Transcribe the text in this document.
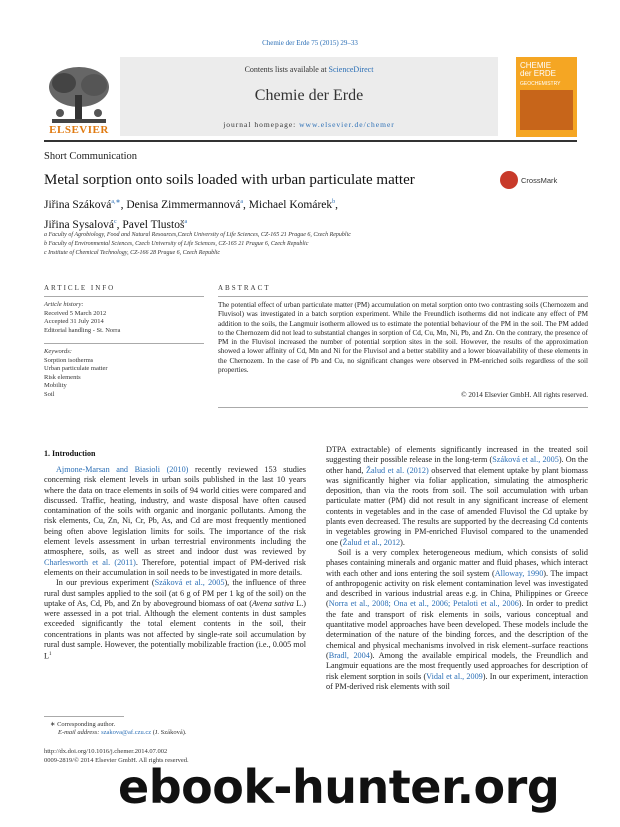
Chemie der Erde 75 (2015) 29–33
ELSEVIER
Contents lists available at ScienceDirect
Chemie der Erde
journal homepage: www.elsevier.de/chemer
CHEMIE
der ERDE
GEOCHEMISTRY
Short Communication
Metal sorption onto soils loaded with urban particulate matter	CrossMark
Jiřina Száková$^{a,∗}$, Denisa Zimmermannová$^a$, Michael Komárek$^b$,
Jiřina Sysalová$^c$, Pavel Tlustoš$^a$
a Faculty of Agrobiology, Food and Natural Resources,Czech University of Life Sciences, CZ-165 21 Prague 6, Czech Republic
b Faculty of Environmental Sciences, Czech University of Life Sciences, CZ-165 21 Prague 6, Czech Republic
c Institute of Chemical Technology, CZ-166 28 Prague 6, Czech Republic
ARTICLE INFO
Article history:
Received 5 March 2012
Accepted 31 July 2014
Editorial handling - St. Norra
Keywords:
Sorption isotherms
Urban particulate matter
Risk elements
Mobility
Soil
ABSTRACT
The potential effect of urban particulate matter (PM) accumulation on metal sorption onto two contrasting soils (Chernozem and Fluvisol) was investigated in a batch sorption experiment. While the Freundlich isotherms did not indicate any effect of PM addition to the soils, the Langmuir isotherm allowed us to estimate the potential behaviour of the PM in the soil. The PM added to the Chernozem did not lead to substantial changes in sorption of Cd, Cu, Mn, Ni, Pb, and Zn. On the contrary, the presence of PM in the Fluvisol increased the number of potential sorption sites in the soil. However, the results of the approximation showed a lower affinity of Cd, Mn and Ni for the Fluvisol and a better stability and a lower bioavailability of these elements in the Chernozem. In the case of Pb and Cu, no significant changes were observed in PM-enriched soils regardless of the soil properties.
© 2014 Elsevier GmbH. All rights reserved.
1. Introduction

Ajmone-Marsan and Biasioli (2010) recently reviewed 153 studies concerning risk element levels in urban soils published in the last 10 years where the data on trace elements in soils of 94 world cities were compared and discussed. Traffic, heating, industry, and waste disposal have often caused contamination of the soils with organic and inorganic pollutants. Among the risk elements, Cu, Zn, Ni, Cr, Pb, As, and Cd are most frequently mentioned being often above legislation limits for soils. The importance of the risk element levels assessment in urban terrestrial environments including the atmosphere, soils, as well as street and indoor dust was reviewed by Charlesworth et al. (2011). Therefore, potential impact of PM-derived risk elements on their accumulation in soil needs to be investigated in more details.

In our previous experiment (Száková et al., 2005), the influence of three rural dust samples applied to the soil (at 6 g of PM per 1 kg of the soil) on the uptake of As, Cd, Pb, and Zn by aboveground biomass of oat (Avena sativa L.) were assessed in a pot trial. Although the element contents in dust samples exceeded significantly the total element contents in the soil, their concentrations in plants was not affected by single-rate soil accumulation by rural dust sample. However, the potentially mobilizable fraction (i.e., 0.005 mol $L^1$

DTPA extractable) of elements significantly increased in the treated soil suggesting their possible release in the long-term (Száková et al., 2005). On the other hand, Žalud et al. (2012) observed that element uptake by plant biomass was significantly higher via foliar application, simulating the atmospheric deposition, than via the roots from soil. The soil accumulation with urban particulate matter (PM) did not result in any significant increase of element contents in vegetables and in the case of amended Fluvisol the Cd uptake by plants even decreased. The results are supported by the decreasing Cd contents in vegetables growing in PM-enriched Fluvisol compared to the unamended one (Žalud et al., 2012).

Soil is a very complex heterogeneous medium, which consists of solid phases containing minerals and organic matter and fluid phases, which interact with each other and ions entering the soil system (Alloway, 1990). The impact of anthropogenic activity on risk element contamination level was investigated and described in various industrial areas e.g. in China, Philippines or Greece (Norra et al., 2008; Ona et al., 2006; Petaloti et al., 2006). In order to predict the fate and transport of risk elements in soils, various conceptual and quantitative model approaches have been developed. These models include the determination of the nature of the binding forces, and the description of the chemical and physical mechanisms involved in risk element–surface reactions (Bradl, 2004). Among the available empirical models, the Freundlich and Langmuir equations are the most frequently used approaches for description of risk element sorption in soils (Vidal et al., 2009). In our experiment, interaction of PM-derived risk elements with soil

∗ Corresponding author.
E-mail address: szakova@af.czu.cz (J. Száková).
http://dx.doi.org/10.1016/j.chemer.2014.07.002
0009-2819/© 2014 Elsevier GmbH. All rights reserved.
ebook-hunter.org
